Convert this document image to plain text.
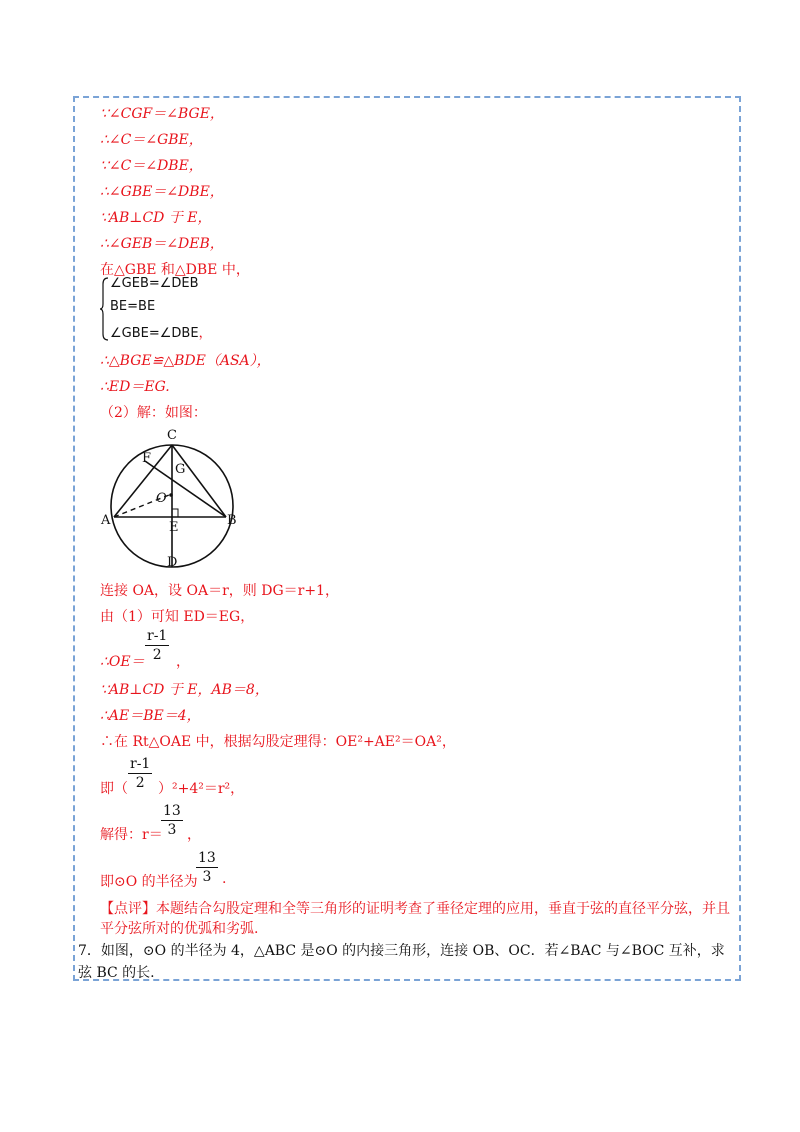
∵∠CGF＝∠BGE，
∴∠C＝∠GBE，
∵∠C＝∠DBE，
∴∠GBE＝∠DBE，
∵AB⊥CD 于 E，
∴∠GEB＝∠DEB，
在△GBE 和△DBE 中，
∠GEB=∠DEB
BE=BE
∠GBE=∠DBE，
∴△BGE≌△BDE（ASA），
∴ED＝EG.
（2）解：如图：
C
F
G
O
A	E	B
D
连接 OA，设 OA＝r，则 DG＝r+1，
由（1）可知 ED＝EG，
∴OE＝ $\frac{r-1}{2}$ ，
∵AB⊥CD 于 E，AB＝8，
∴AE＝BE＝4，
∴在 Rt△OAE 中，根据勾股定理得：OE²+AE²＝OA²，
即（ $\frac{r-1}{2} )^2+4^2=r^2$，
解得：r＝
$\frac{13}{3}$ ，
即⊙O 的半径为
$\frac{13}{3}$ .
【点评】本题结合勾股定理和全等三角形的证明考查了垂径定理的应用，垂直于弦的直径平分弦，并且平分弦所对的优弧和劣弧.
7．如图，⊙O 的半径为 4，△ABC 是⊙O 的内接三角形，连接 OB、OC．若∠BAC 与∠BOC 互补，求弦 BC 的长.
